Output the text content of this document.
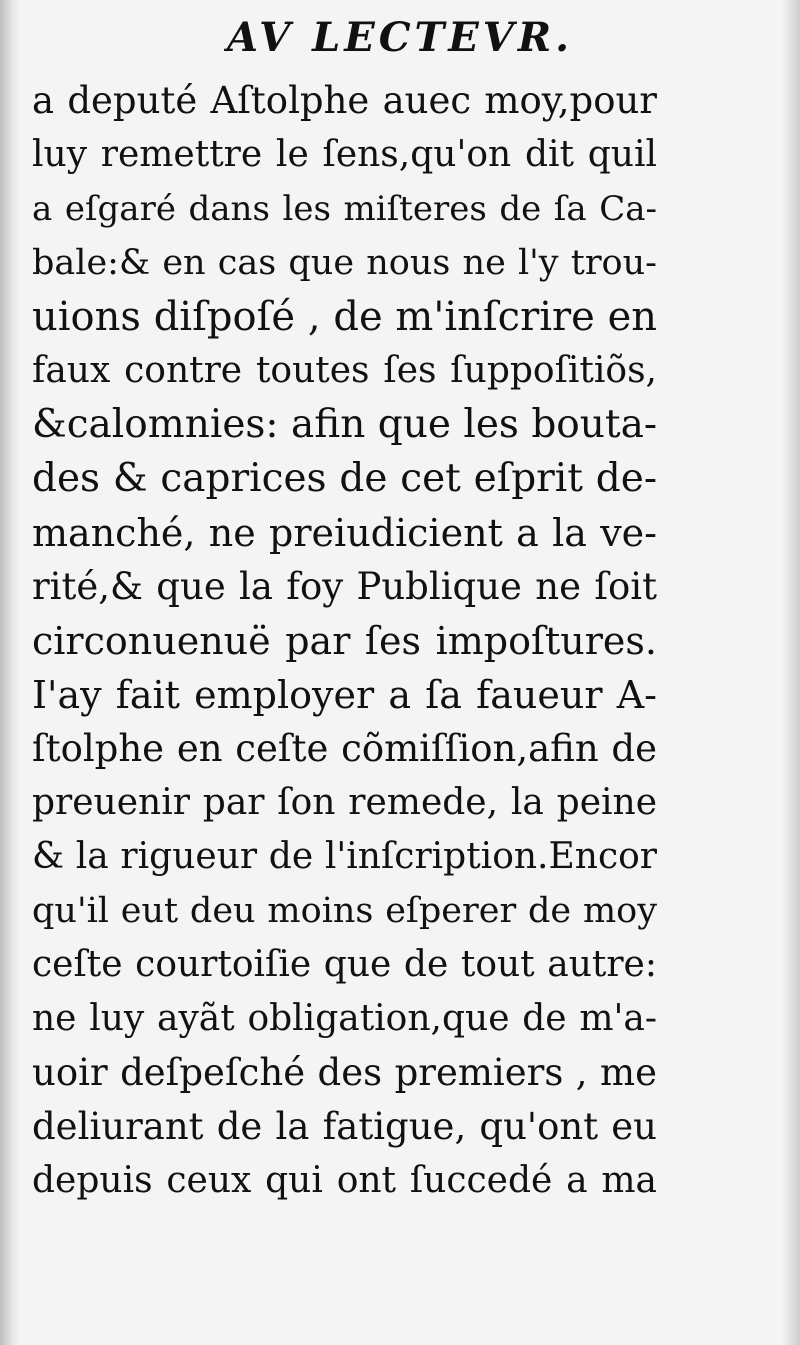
AV LECTEVR.
a deputé Aſtolphe auec moy,pour
luy remettre le ſens,qu'on dit quil
a eſgaré dans les miſteres de ſa Ca-
bale:& en cas que nous ne l'y trou-
uions diſpoſé , de m'inſcrire en
faux contre toutes ſes ſuppoſitiõs,
&calomnies: afin que les bouta-
des & caprices de cet eſprit de-
manché, ne preiudicient a la ve-
rité,& que la foy Publique ne ſoit
circonuenuë par ſes impoſtures.
I'ay fait employer a ſa faueur A-
ſtolphe en ceſte cõmiſſion,afin de
preuenir par ſon remede, la peine
& la rigueur de l'inſcription.Encor
qu'il eut deu moins eſperer de moy
ceſte courtoiſie que de tout autre:
ne luy ayãt obligation,que de m'a-
uoir deſpeſché des premiers , me
deliurant de la fatigue, qu'ont eu
depuis ceux qui ont ſuccedé a ma
